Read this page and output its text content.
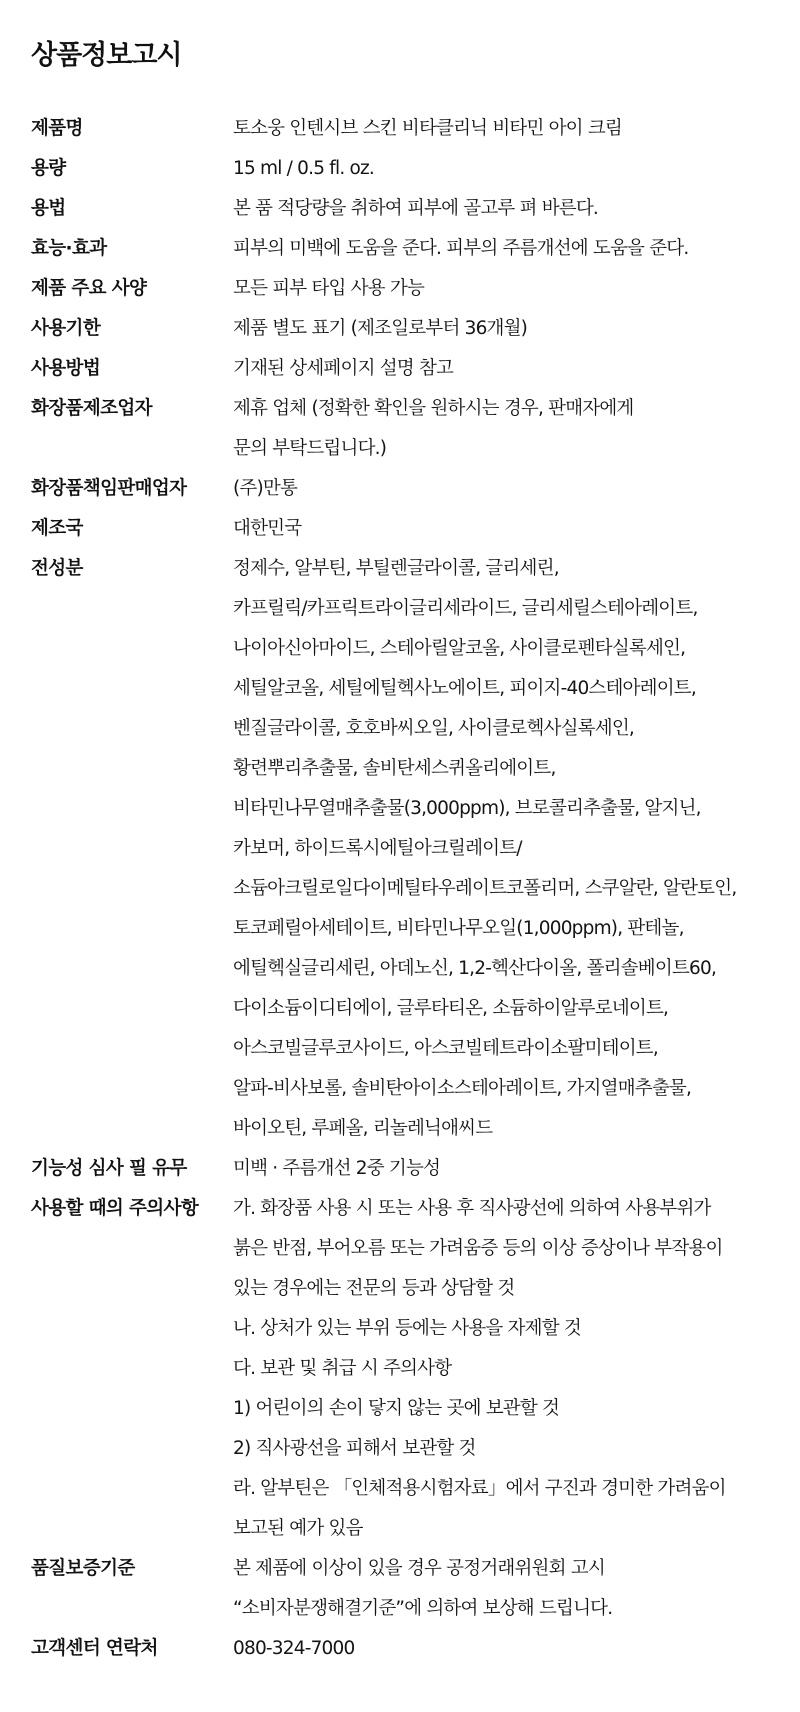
상품정보고시
제품명	토소웅 인텐시브 스킨 비타클리닉 비타민 아이 크림
용량	15 ml / 0.5 fl. oz.
용법	본 품 적당량을 취하여 피부에 골고루 펴 바른다.
효능·효과	피부의 미백에 도움을 준다. 피부의 주름개선에 도움을 준다.
제품 주요 사양	모든 피부 타입 사용 가능
사용기한	제품 별도 표기 (제조일로부터 36개월)
사용방법	기재된 상세페이지 설명 참고
화장품제조업자	제휴 업체 (정확한 확인을 원하시는 경우, 판매자에게
문의 부탁드립니다.)
화장품책임판매업자	(주)만통
제조국	대한민국
전성분	정제수, 알부틴, 부틸렌글라이콜, 글리세린,
카프릴릭/카프릭트라이글리세라이드, 글리세릴스테아레이트,
나이아신아마이드, 스테아릴알코올, 사이클로펜타실록세인,
세틸알코올, 세틸에틸헥사노에이트, 피이지-40스테아레이트,
벤질글라이콜, 호호바씨오일, 사이클로헥사실록세인,
황련뿌리추출물, 솔비탄세스퀴올리에이트,
비타민나무열매추출물(3,000ppm), 브로콜리추출물, 알지닌,
카보머, 하이드록시에틸아크릴레이트/
소듐아크릴로일다이메틸타우레이트코폴리머, 스쿠알란, 알란토인,
토코페릴아세테이트, 비타민나무오일(1,000ppm), 판테놀,
에틸헥실글리세린, 아데노신, 1,2-헥산다이올, 폴리솔베이트60,
다이소듐이디티에이, 글루타티온, 소듐하이알루로네이트,
아스코빌글루코사이드, 아스코빌테트라이소팔미테이트,
알파-비사보롤, 솔비탄아이소스테아레이트, 가지열매추출물,
바이오틴, 루페올, 리놀레닉애씨드
기능성 심사 필 유무	미백 · 주름개선 2중 기능성
사용할 때의 주의사항	가. 화장품 사용 시 또는 사용 후 직사광선에 의하여 사용부위가
붉은 반점, 부어오름 또는 가려움증 등의 이상 증상이나 부작용이
있는 경우에는 전문의 등과 상담할 것
나. 상처가 있는 부위 등에는 사용을 자제할 것
다. 보관 및 취급 시 주의사항
1) 어린이의 손이 닿지 않는 곳에 보관할 것
2) 직사광선을 피해서 보관할 것
라. 알부틴은 「인체적용시험자료」에서 구진과 경미한 가려움이
보고된 예가 있음
품질보증기준	본 제품에 이상이 있을 경우 공정거래위원회 고시
“소비자분쟁해결기준”에 의하여 보상해 드립니다.
고객센터 연락처	080-324-7000
